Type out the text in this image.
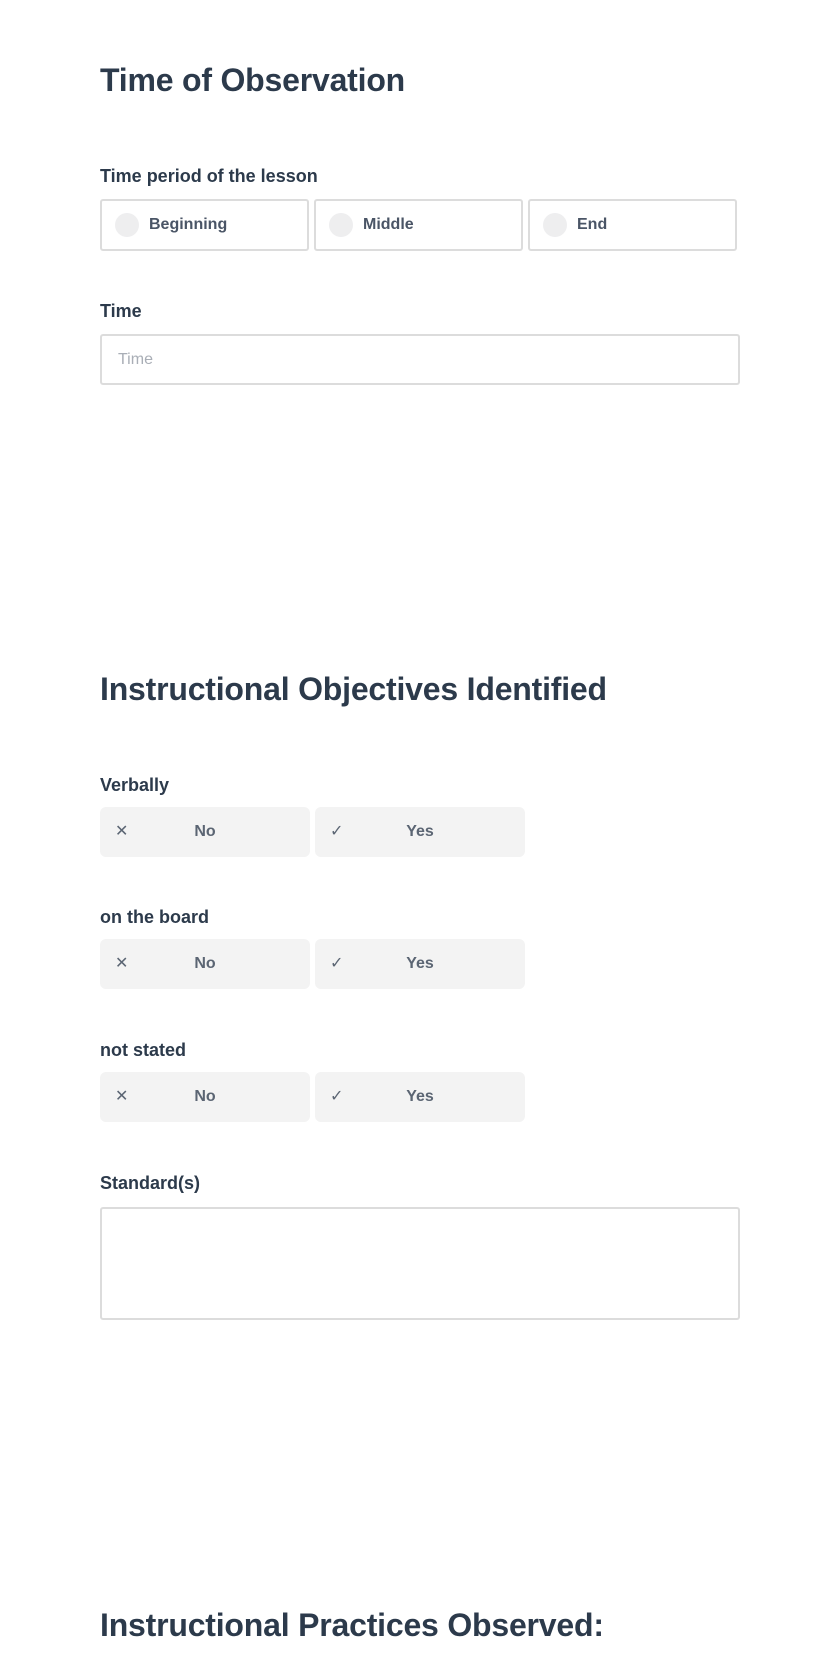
Time of Observation
Time period of the lesson
Beginning	Middle	End
Time
Time
Instructional Objectives Identified
Verbally
✕	No	✓	Yes
on the board
✕	No	✓	Yes
not stated
✕	No	✓	Yes
Standard(s)
Instructional Practices Observed:
